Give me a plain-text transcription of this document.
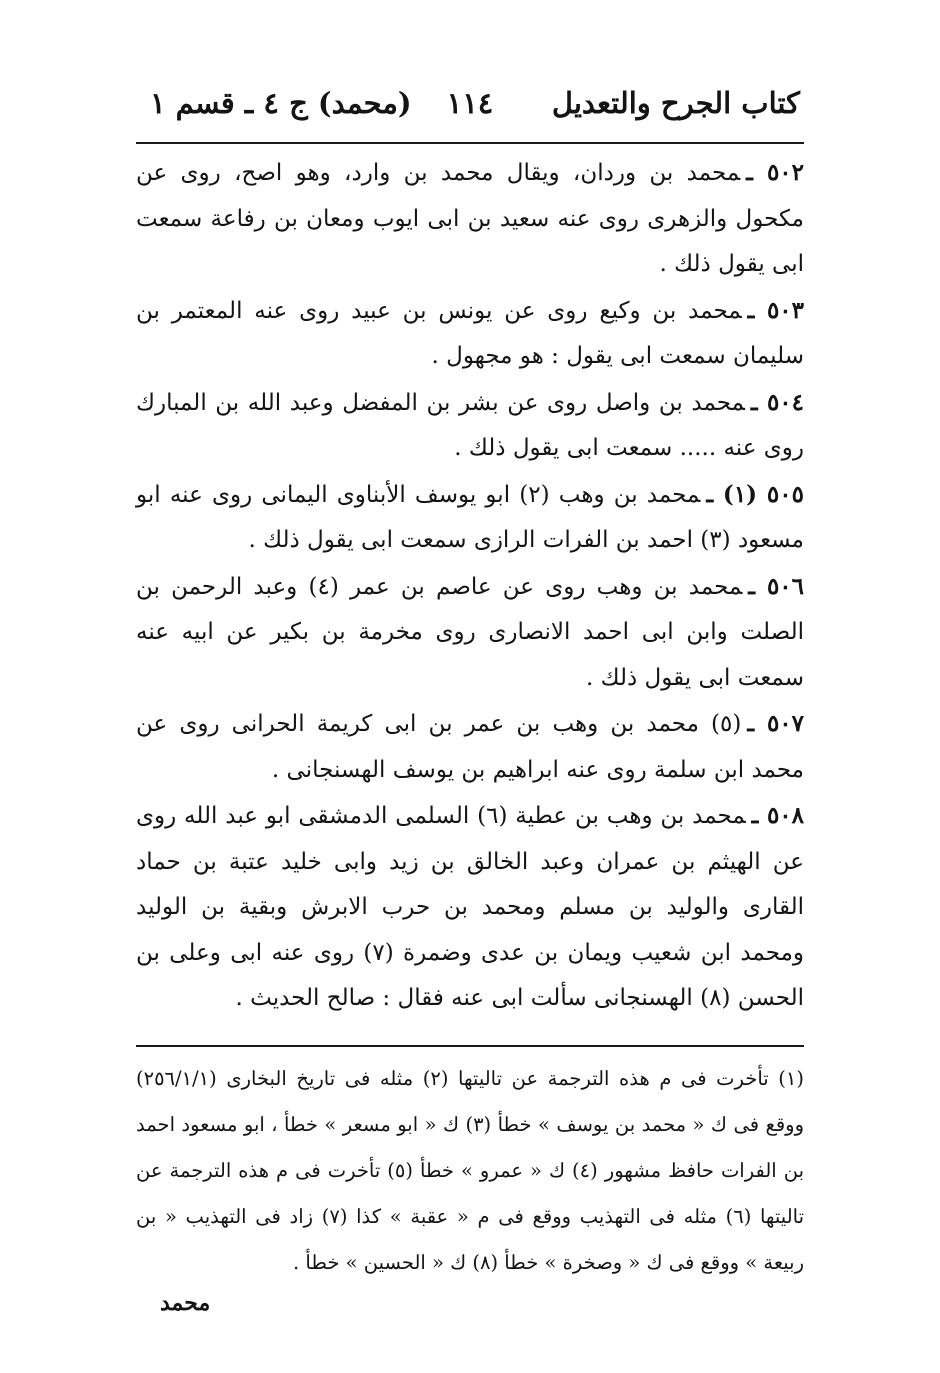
كتاب الجرح والتعديل
١١٤
(محمد) ج ٤ ـ قسم ١

٥٠٢ ـمحمد بن وردان، ويقال محمد بن وارد، وهو اصح، روى عن مكحول والزهرى روى عنه سعيد بن ابى ايوب ومعان بن رفاعة سمعت ابى يقول ذلك .

٥٠٣ ـمحمد بن وكيع روى عن يونس بن عبيد روى عنه المعتمر بن سليمان سمعت ابى يقول : هو مجهول .

٥٠٤ ـمحمد بن واصل روى عن بشر بن المفضل وعبد الله بن المبارك روى عنه ..... سمعت ابى يقول ذلك .

٥٠٥ (١) ـمحمد بن وهب (٢) ابو يوسف الأبناوى اليمانى روى عنه ابو مسعود (٣) احمد بن الفرات الرازى سمعت ابى يقول ذلك .

٥٠٦ ـمحمد بن وهب روى عن عاصم بن عمر (٤) وعبد الرحمن بن الصلت وابن ابى احمد الانصارى روى مخرمة بن بكير عن ابيه عنه سمعت ابى يقول ذلك .

٥٠٧ ـ(٥) محمد بن وهب بن عمر بن ابى كريمة الحرانى روى عن محمد ابن سلمة روى عنه ابراهيم بن يوسف الهسنجانى .

٥٠٨ ـمحمد بن وهب بن عطية (٦) السلمى الدمشقى ابو عبد الله روى عن الهيثم بن عمران وعبد الخالق بن زيد وابى خليد عتبة بن حماد القارى والوليد بن مسلم ومحمد بن حرب الابرش وبقية بن الوليد ومحمد ابن شعيب ويمان بن عدى وضمرة (٧) روى عنه ابى وعلى بن الحسن (٨) الهسنجانى سألت ابى عنه فقال : صالح الحديث .

(١) تأخرت فى م هذه الترجمة عن تاليتها (٢) مثله فى تاريخ البخارى (٢٥٦/١/١) ووقع فى ك « محمد بن يوسف » خطأ (٣) ك « ابو مسعر » خطأ ، ابو مسعود احمد بن الفرات حافظ مشهور (٤) ك « عمرو » خطأ (٥) تأخرت فى م هذه الترجمة عن تاليتها (٦) مثله فى التهذيب ووقع فى م « عقبة » كذا (٧) زاد فى التهذيب « بن ربيعة » ووقع فى ك « وصخرة » خطأ (٨) ك « الحسين » خطأ .
محمد
